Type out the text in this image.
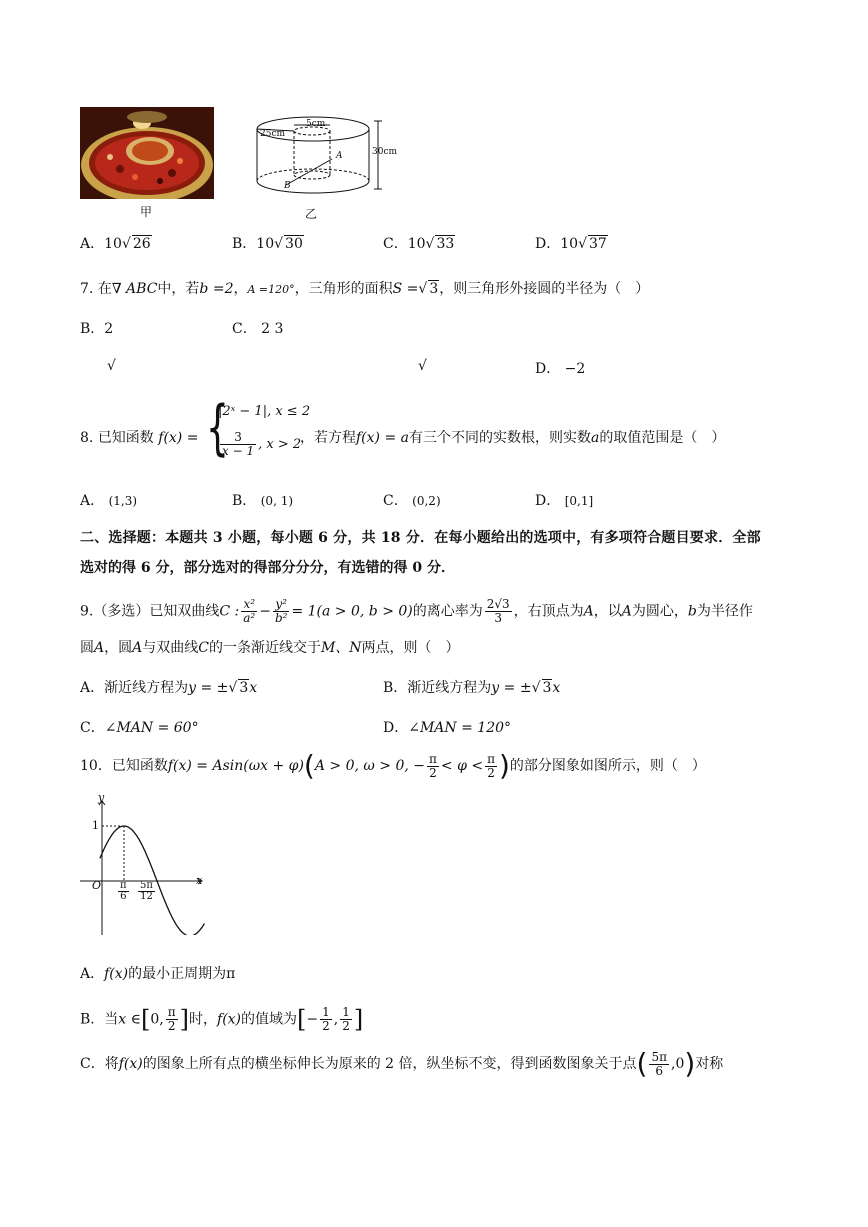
甲
5cm
25cm
30cm
A
B
乙
A．10√ 26	B．10√ 30	C．10√ 33	D．10√ 37
7. 在∇ ABC中，若b =2，A =120°，三角形的面积S =√ 3，则三角形外接圆的半径为（　）
B．2	C． 2 3
√	√	D． −2
8. 已知函数 f(x) = {
|2ˣ − 1|, x ≤ 2
$\frac{3}{x - 1}$ , x > 2
，若方程f(x) = a有三个不同的实数根，则实数a的取值范围是（　）
A． (1,3)	B． (0, 1)	C． (0,2)	D． [0,1]
二、选择题：本题共 3 小题，每小题 6 分，共 18 分．在每小题给出的选项中，有多项符合题目要求．全部
选对的得 6 分，部分选对的得部分分分，有选错的得 0 分．
9.（多选）已知双曲线C : $\frac{\text{x²}}{\text{a²}} - \frac{\text{y²}}{\text{b²}} = 1(a > 0$, b > 0)的离心率为 $\frac{2√3}{3}$ ，右顶点为A，以A为圆心，b为半径作
圆A，圆A与双曲线C的一条渐近线交于M、N两点，则（　）
A．渐近线方程为y = ±√ 3x	B．渐近线方程为y = ±√ 3x
C．∠MAN = 60°	D．∠MAN = 120°
10．已知函数f(x) = Asin(ωx + φ)(A > 0, ω > 0, − $\frac{\pi}{2} < \varphi < \frac{\pi}{2}$ )的部分图象如图所示，则（　）
y
x
O
1
$\frac{\pi}{6} \frac{5\pi}{12}$
A．f(x)的最小正周期为π
B．当x ∈[0, $\frac{\pi}{2}$ ]时，f(x)的值域为[− $\frac{1}{2}$ , $\frac{1}{2}$ ]
C．将f(x)的图象上所有点的横坐标伸长为原来的 2 倍，纵坐标不变，得到函数图象关于点( $\frac{5\pi}{6} ,0$)对称
